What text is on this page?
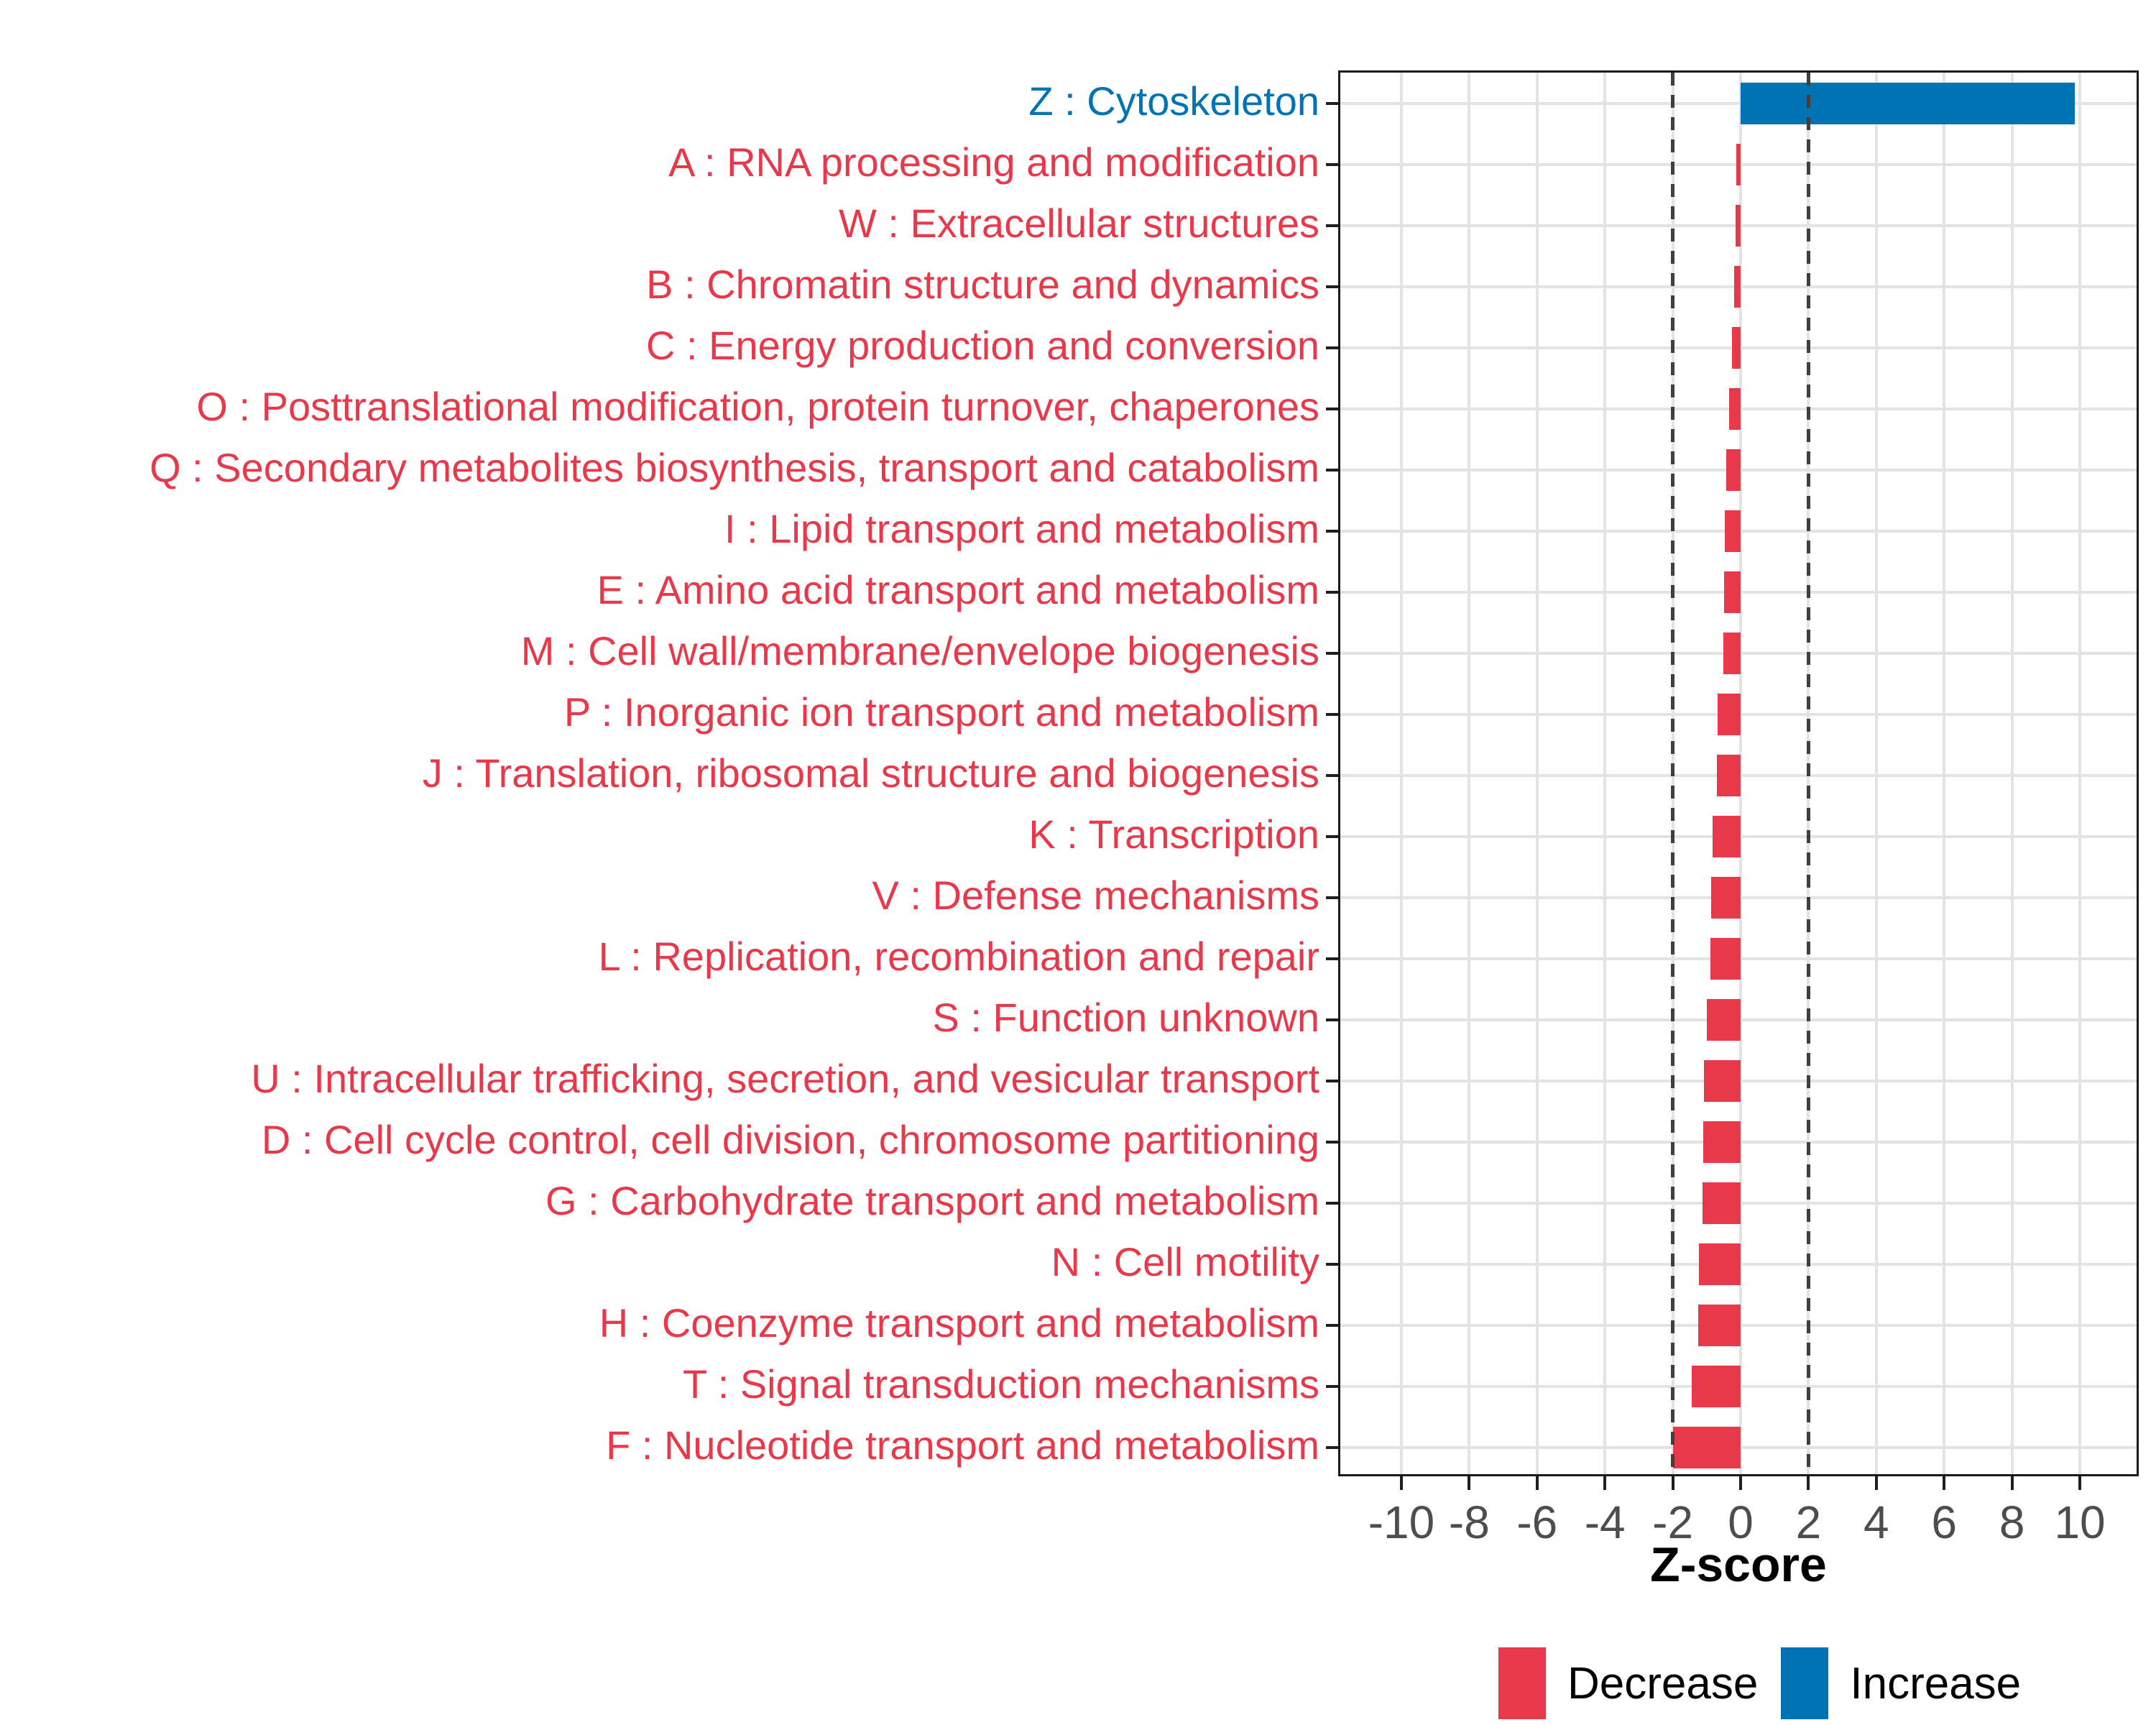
-10 -8 -6 -4 -2 0 2 4 6 8 10
Z : Cytoskeleton
A : RNA processing and modification
W : Extracellular structures
B : Chromatin structure and dynamics
C : Energy production and conversion
O : Posttranslational modification, protein turnover, chaperones
Q : Secondary metabolites biosynthesis, transport and catabolism
I : Lipid transport and metabolism
E : Amino acid transport and metabolism
M : Cell wall/membrane/envelope biogenesis
P : Inorganic ion transport and metabolism
J : Translation, ribosomal structure and biogenesis
K : Transcription
V : Defense mechanisms
L : Replication, recombination and repair
S : Function unknown
U : Intracellular trafficking, secretion, and vesicular transport
D : Cell cycle control, cell division, chromosome partitioning
G : Carbohydrate transport and metabolism
N : Cell motility
H : Coenzyme transport and metabolism
T : Signal transduction mechanisms
F : Nucleotide transport and metabolism
Z-score
Decrease Increase
